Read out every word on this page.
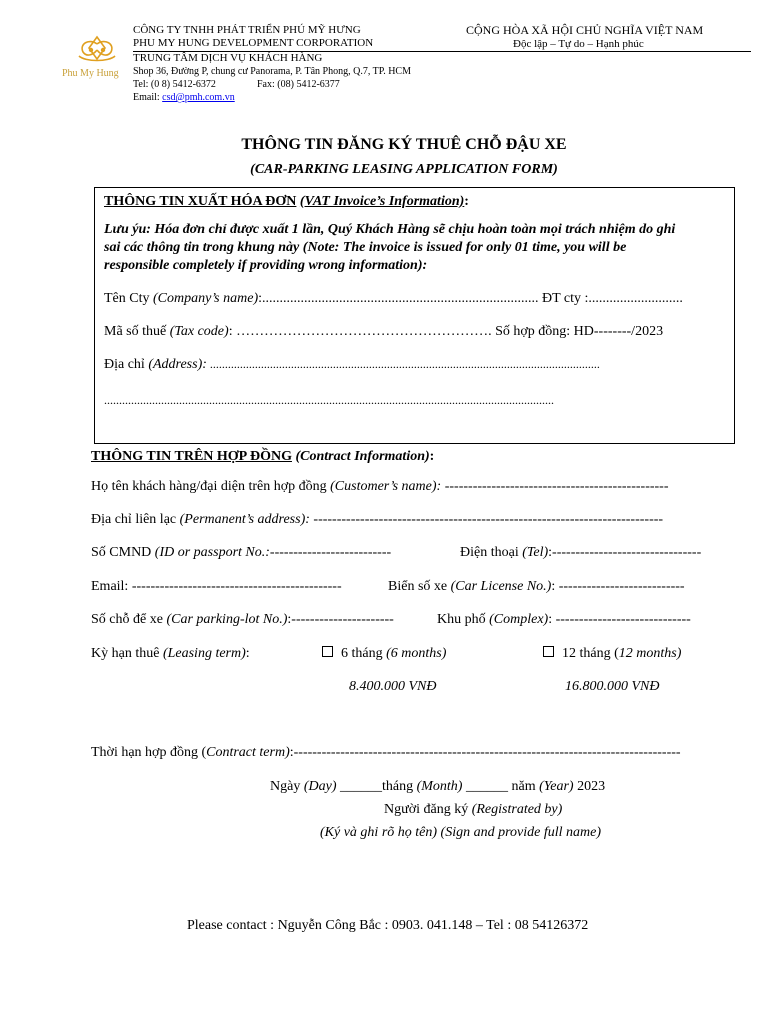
Phu My Hung
CÔNG TY TNHH PHÁT TRIỂN PHÚ MỸ HƯNG
PHU MY HUNG DEVELOPMENT CORPORATION
TRUNG TÂM DỊCH VỤ KHÁCH HÀNG
Shop 36, Đường P, chung cư Panorama, P. Tân Phong, Q.7, TP. HCM
Tel: (0 8) 5412-6372	Fax: (08) 5412-6377
Email: csd@pmh.com.vn
CỘNG HÒA XÃ HỘI CHỦ NGHĨA VIỆT NAM
Độc lập – Tự do – Hạnh phúc
THÔNG TIN ĐĂNG KÝ THUÊ CHỖ ĐẬU XE
(CAR-PARKING LEASING APPLICATION FORM)
THÔNG TIN XUẤT HÓA ĐƠN (VAT Invoice’s Information):
Lưu ýu: Hóa đơn chỉ được xuất 1 lần, Quý Khách Hàng sẽ chịu hoàn toàn mọi trách nhiệm do ghi
sai các thông tin trong khung này (Note: The invoice is issued for only 01 time, you will be
responsible completely if providing wrong information):
Tên Cty (Company’s name):............................................................................... ĐT cty :...........................
Mã số thuế (Tax code): ………………………………………………. Số hợp đồng: HD--------/2023
Địa chỉ (Address): ..................................................................................................................................
......................................................................................................................................................
THÔNG TIN TRÊN HỢP ĐỒNG (Contract Information):
Họ tên khách hàng/đại diện trên hợp đồng (Customer’s name): ------------------------------------------------
Địa chỉ liên lạc (Permanent’s address): ---------------------------------------------------------------------------
Số CMND (ID or passport No.:--------------------------	Điện thoại (Tel):--------------------------------
Email: ---------------------------------------------	Biển số xe (Car License No.): ---------------------------
Số chỗ để xe (Car parking-lot No.):----------------------	Khu phố (Complex): -----------------------------
Kỳ hạn thuê (Leasing term):	6 tháng (6 months)	12 tháng (12 months)
8.400.000 VNĐ	16.800.000 VNĐ
Thời hạn hợp đồng (Contract term):-----------------------------------------------------------------------------------
Ngày (Day) ______tháng (Month) ______ năm (Year) 2023
Người đăng ký (Registrated by)
(Ký và ghi rõ họ tên) (Sign and provide full name)
Please contact : Nguyễn Công Bắc : 0903. 041.148 – Tel : 08 54126372
